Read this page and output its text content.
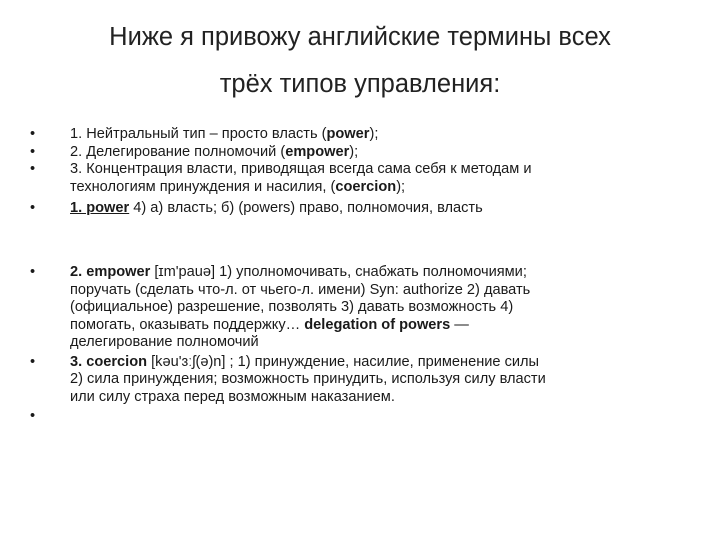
Ниже я привожу английские термины всех
трёх типов управления:
• 1. Нейтральный тип – просто власть (power);
• 2. Делегирование полномочий (empower);
• 3. Концентрация власти, приводящая всегда сама себя к методам и
технологиям принуждения и насилия, (coercion);
• 1. power 4) а) власть; б) (powers) право, полномочия, власть
• 2. empower [ɪm'pauə] 1) уполномочивать, снабжать полномочиями;
поручать (сделать что-л. от чьего-л. имени) Syn: authorize 2) давать
(официальное) разрешение, позволять 3) давать возможность 4)
помогать, оказывать поддержку… delegation of powers —
делегирование полномочий
• 3. coercion [kəu'ɜːʃ(ə)n] ; 1) принуждение, насилие, применение силы
2) сила принуждения; возможность принудить, используя силу власти
или силу страха перед возможным наказанием.
•
